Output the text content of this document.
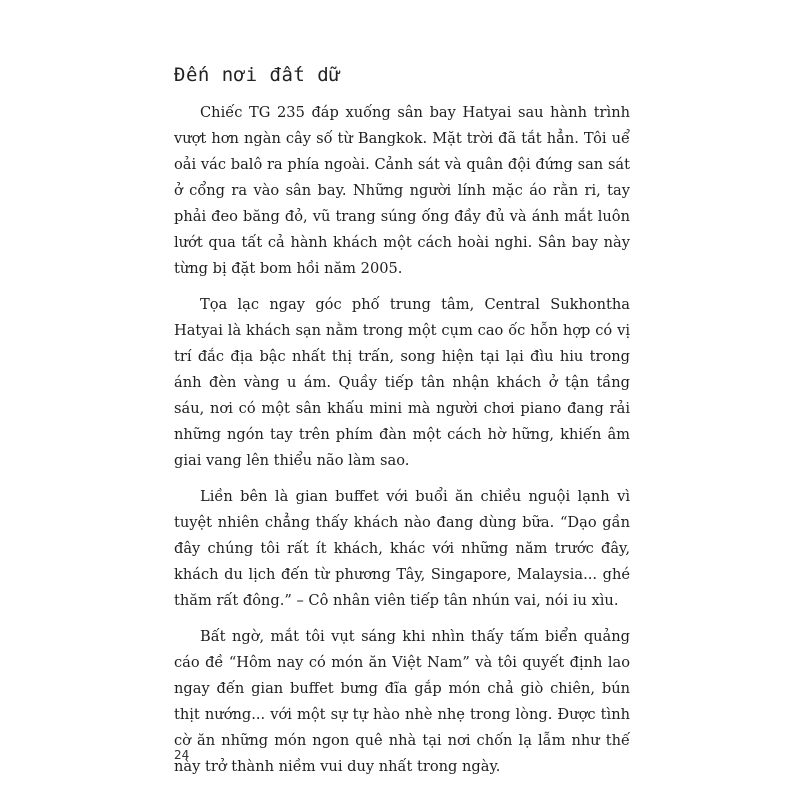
Đến nơi đất dữ

Chiếc TG 235 đáp xuống sân bay Hatyai sau hành trình vượt hơn ngàn cây số từ Bangkok. Mặt trời đã tắt hẳn. Tôi uể oải vác balô ra phía ngoài. Cảnh sát và quân đội đứng san sát ở cổng ra vào sân bay. Những người lính mặc áo rằn ri, tay phải đeo băng đỏ, vũ trang súng ống đầy đủ và ánh mắt luôn lướt qua tất cả hành khách một cách hoài nghi. Sân bay này từng bị đặt bom hồi năm 2005.

Tọa lạc ngay góc phố trung tâm, Central Sukhontha Hatyai là khách sạn nằm trong một cụm cao ốc hỗn hợp có vị trí đắc địa bậc nhất thị trấn, song hiện tại lại đìu hiu trong ánh đèn vàng u ám. Quầy tiếp tân nhận khách ở tận tầng sáu, nơi có một sân khấu mini mà người chơi piano đang rải những ngón tay trên phím đàn một cách hờ hững, khiến âm giai vang lên thiểu não làm sao.

Liền bên là gian buffet với buổi ăn chiều nguội lạnh vì tuyệt nhiên chẳng thấy khách nào đang dùng bữa. “Dạo gần đây chúng tôi rất ít khách, khác với những năm trước đây, khách du lịch đến từ phương Tây, Singapore, Malaysia... ghé thăm rất đông.” – Cô nhân viên tiếp tân nhún vai, nói iu xìu.

Bất ngờ, mắt tôi vụt sáng khi nhìn thấy tấm biển quảng cáo đề “Hôm nay có món ăn Việt Nam” và tôi quyết định lao ngay đến gian buffet bưng đĩa gắp món chả giò chiên, bún thịt nướng... với một sự tự hào nhè nhẹ trong lòng. Được tình cờ ăn những món ngon quê nhà tại nơi chốn lạ lẫm như thế này trở thành niềm vui duy nhất trong ngày.

24
